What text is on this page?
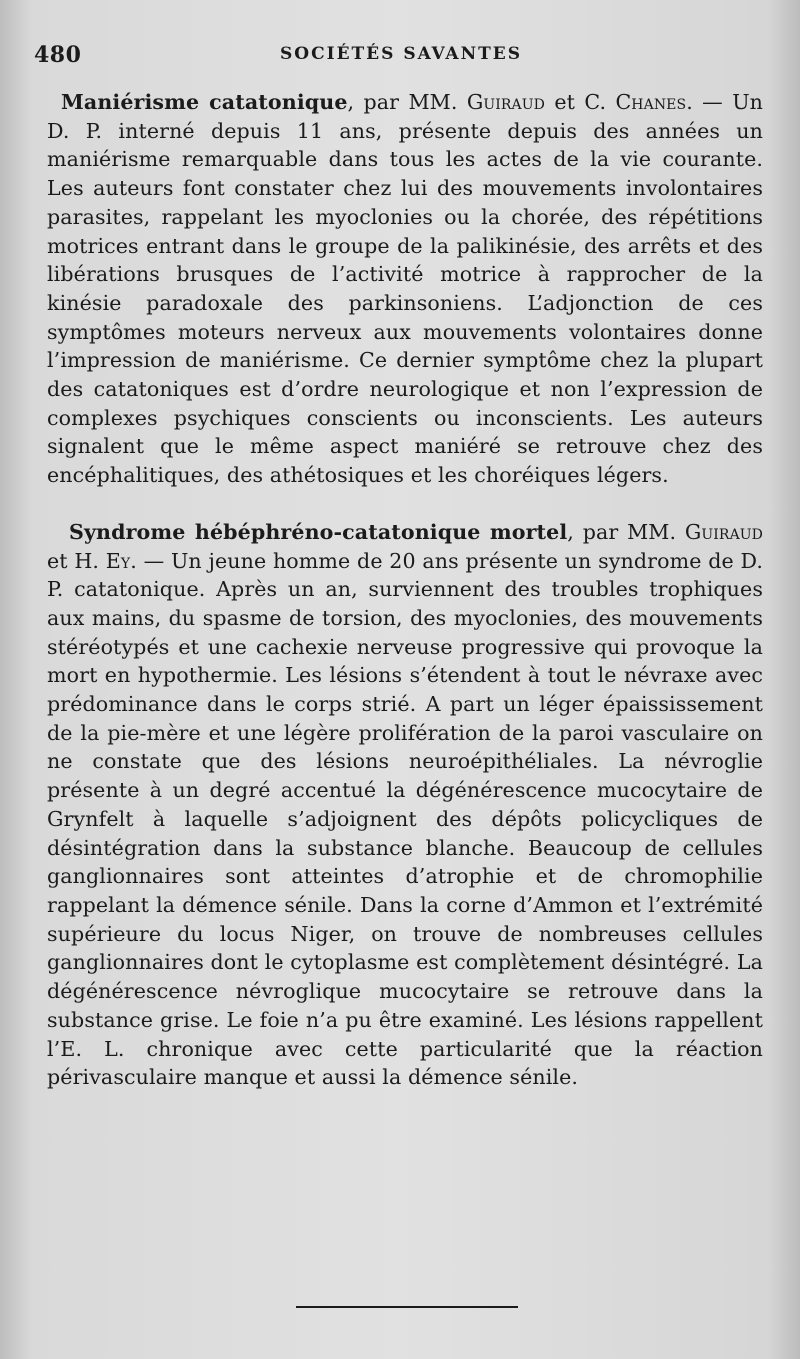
480	SOCIÉTÉS SAVANTES

Maniérisme catatonique, par MM. Guiraud et C. Chanes. — Un D. P. interné depuis 11 ans, présente depuis des années un maniérisme remarquable dans tous les actes de la vie courante. Les auteurs font constater chez lui des mouvements involontaires parasites, rappelant les myoclonies ou la chorée, des répétitions motrices entrant dans le groupe de la palikinésie, des arrêts et des libérations brusques de l’activité motrice à rapprocher de la kinésie paradoxale des parkinsoniens. L’adjonction de ces symptômes moteurs nerveux aux mouvements volontaires donne l’impression de maniérisme. Ce dernier symptôme chez la plupart des catatoniques est d’ordre neurologique et non l’expression de complexes psychiques conscients ou inconscients. Les auteurs signalent que le même aspect maniéré se retrouve chez des encéphalitiques, des athétosiques et les choréiques légers.

Syndrome hébéphréno-catatonique mortel, par MM. Guiraud et H. Ey. — Un jeune homme de 20 ans présente un syndrome de D. P. catatonique. Après un an, surviennent des troubles trophiques aux mains, du spasme de torsion, des myoclonies, des mouvements stéréotypés et une cachexie nerveuse progressive qui provoque la mort en hypothermie. Les lésions s’étendent à tout le névraxe avec prédominance dans le corps strié. A part un léger épaississement de la pie-mère et une légère prolifération de la paroi vasculaire on ne constate que des lésions neuroépithéliales. La névroglie présente à un degré accentué la dégénérescence mucocytaire de Grynfelt à laquelle s’adjoignent des dépôts policycliques de désintégration dans la substance blanche. Beaucoup de cellules ganglionnaires sont atteintes d’atrophie et de chromophilie rappelant la démence sénile. Dans la corne d’Ammon et l’extrémité supérieure du locus Niger, on trouve de nombreuses cellules ganglionnaires dont le cytoplasme est complètement désintégré. La dégénérescence névroglique mucocytaire se retrouve dans la substance grise. Le foie n’a pu être examiné. Les lésions rappellent l’E. L. chronique avec cette particularité que la réaction périvasculaire manque et aussi la démence sénile.
